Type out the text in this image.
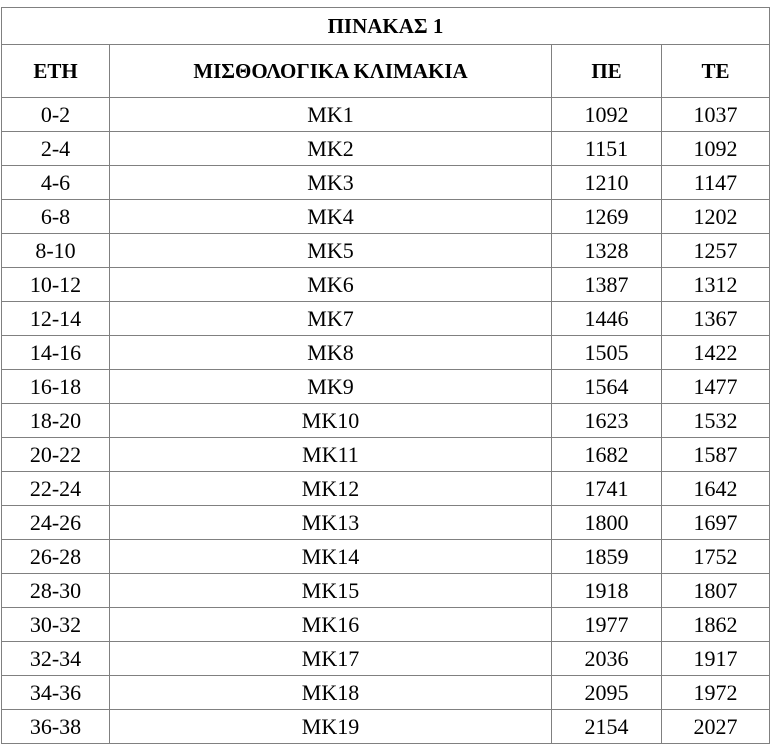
ΠΙΝΑΚΑΣ 1			
ΕΤΗ	ΜΙΣΘΟΛΟΓΙΚΑ ΚΛΙΜΑΚΙΑ	ΠΕ	ΤΕ
0-2	ΜΚ1	1092	1037
2-4	ΜΚ2	1151	1092
4-6	ΜΚ3	1210	1147
6-8	ΜΚ4	1269	1202
8-10	ΜΚ5	1328	1257
10-12	ΜΚ6	1387	1312
12-14	ΜΚ7	1446	1367
14-16	ΜΚ8	1505	1422
16-18	ΜΚ9	1564	1477
18-20	ΜΚ10	1623	1532
20-22	ΜΚ11	1682	1587
22-24	ΜΚ12	1741	1642
24-26	ΜΚ13	1800	1697
26-28	ΜΚ14	1859	1752
28-30	ΜΚ15	1918	1807
30-32	ΜΚ16	1977	1862
32-34	ΜΚ17	2036	1917
34-36	ΜΚ18	2095	1972
36-38	ΜΚ19	2154	2027
